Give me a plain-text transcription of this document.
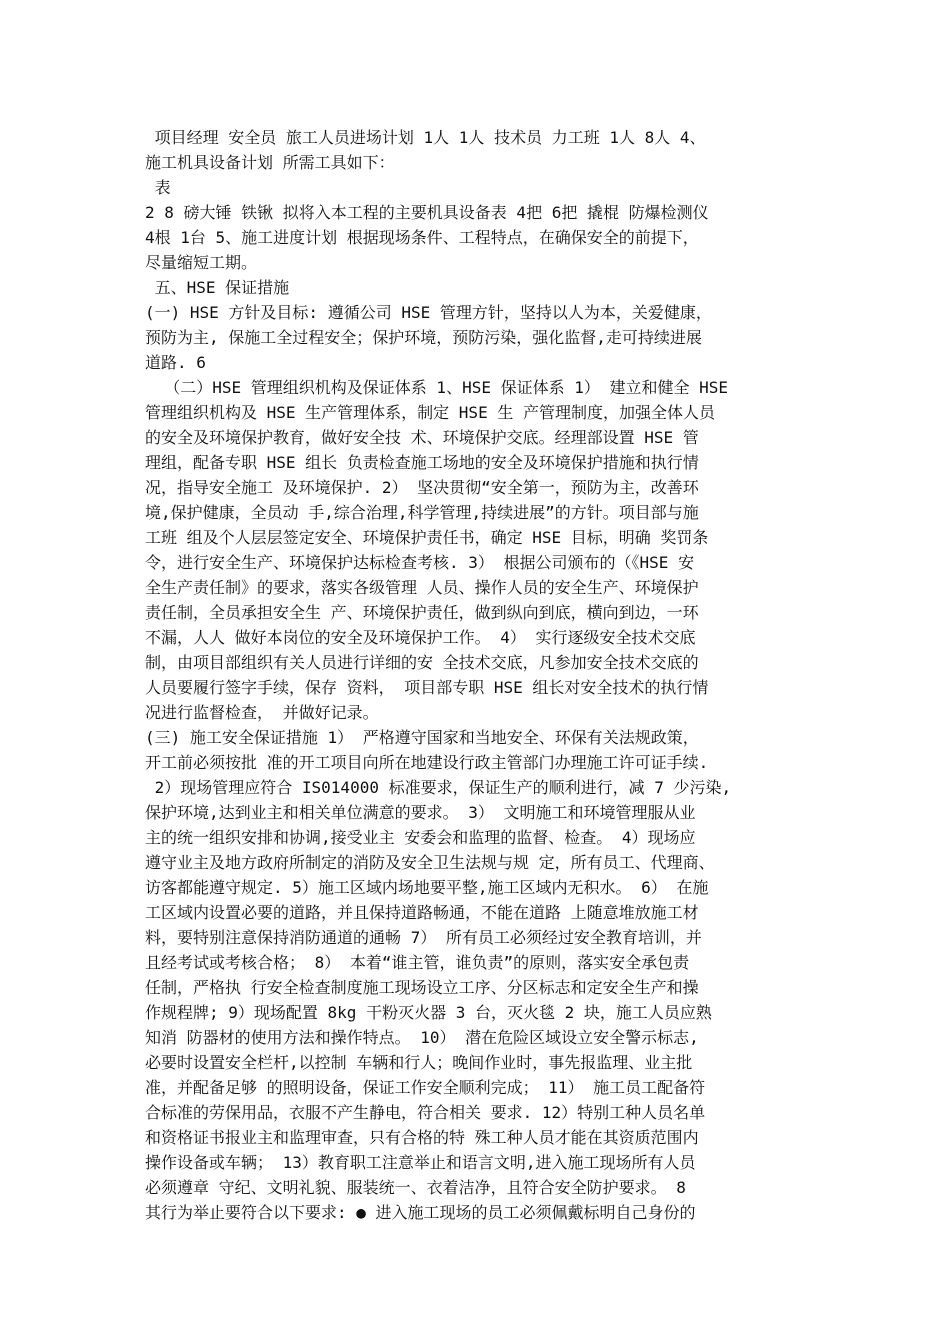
项目经理 安全员 旅工人员进场计划 1人 1人 技术员 力工班 1人 8人 4、
施工机具设备计划 所需工具如下：
表
2 8 磅大锤 铁锹 拟将入本工程的主要机具设备表 4把 6把 撬棍 防爆检测仪
4根 1台 5、施工进度计划 根据现场条件、工程特点，在确保安全的前提下，
尽量缩短工期。
五、HSE 保证措施
(一) HSE 方针及目标: 遵循公司 HSE 管理方针，坚持以人为本，关爱健康，
预防为主, 保施工全过程安全；保护环境，预防污染，强化监督,走可持续进展
道路. 6
（二）HSE 管理组织机构及保证体系 1、HSE 保证体系 1） 建立和健全 HSE
管理组织机构及 HSE 生产管理体系，制定 HSE 生 产管理制度，加强全体人员
的安全及环境保护教育，做好安全技 术、环境保护交底。经理部设置 HSE 管
理组，配备专职 HSE 组长 负责检查施工场地的安全及环境保护措施和执行情
况，指导安全施工 及环境保护. 2） 坚决贯彻“安全第一，预防为主，改善环
境,保护健康，全员动 手,综合治理,科学管理,持续进展”的方针。项目部与施
工班 组及个人层层签定安全、环境保护责任书，确定 HSE 目标，明确 奖罚条
令，进行安全生产、环境保护达标检查考核. 3） 根据公司颁布的（《HSE 安
全生产责任制》的要求，落实各级管理 人员、操作人员的安全生产、环境保护
责任制，全员承担安全生 产、环境保护责任，做到纵向到底，横向到边，一环
不漏，人人 做好本岗位的安全及环境保护工作。 4） 实行逐级安全技术交底
制，由项目部组织有关人员进行详细的安 全技术交底，凡参加安全技术交底的
人员要履行签字手续，保存 资料， 项目部专职 HSE 组长对安全技术的执行情
况进行监督检查， 并做好记录。
(三) 施工安全保证措施 1） 严格遵守国家和当地安全、环保有关法规政策，
开工前必须按批 准的开工项目向所在地建设行政主管部门办理施工许可证手续.
2）现场管理应符合 IS014000 标准要求，保证生产的顺利进行，减 7 少污染,
保护环境,达到业主和相关单位满意的要求。 3） 文明施工和环境管理服从业
主的统一组织安排和协调,接受业主 安委会和监理的监督、检查。 4）现场应
遵守业主及地方政府所制定的消防及安全卫生法规与规 定，所有员工、代理商、
访客都能遵守规定. 5）施工区域内场地要平整,施工区域内无积水。 6） 在施
工区域内设置必要的道路，并且保持道路畅通，不能在道路 上随意堆放施工材
料，要特别注意保持消防通道的通畅 7） 所有员工必须经过安全教育培训，并
且经考试或考核合格； 8） 本着“谁主管，谁负责”的原则，落实安全承包责
任制，严格执 行安全检查制度施工现场设立工序、分区标志和定安全生产和操
作规程牌; 9）现场配置 8kg 干粉灭火器 3 台，灭火毯 2 块，施工人员应熟
知消 防器材的使用方法和操作特点。 10） 潜在危险区域设立安全警示标志,
必要时设置安全栏杆,以控制 车辆和行人；晚间作业时，事先报监理、业主批
准，并配备足够 的照明设备，保证工作安全顺利完成； 11） 施工员工配备符
合标准的劳保用品，衣服不产生静电，符合相关 要求. 12）特别工种人员名单
和资格证书报业主和监理审查，只有合格的特 殊工种人员才能在其资质范围内
操作设备或车辆； 13）教育职工注意举止和语言文明,进入施工现场所有人员
必须遵章 守纪、文明礼貌、服装统一、衣着洁净，且符合安全防护要求。 8
其行为举止要符合以下要求: ● 进入施工现场的员工必须佩戴标明自己身份的
